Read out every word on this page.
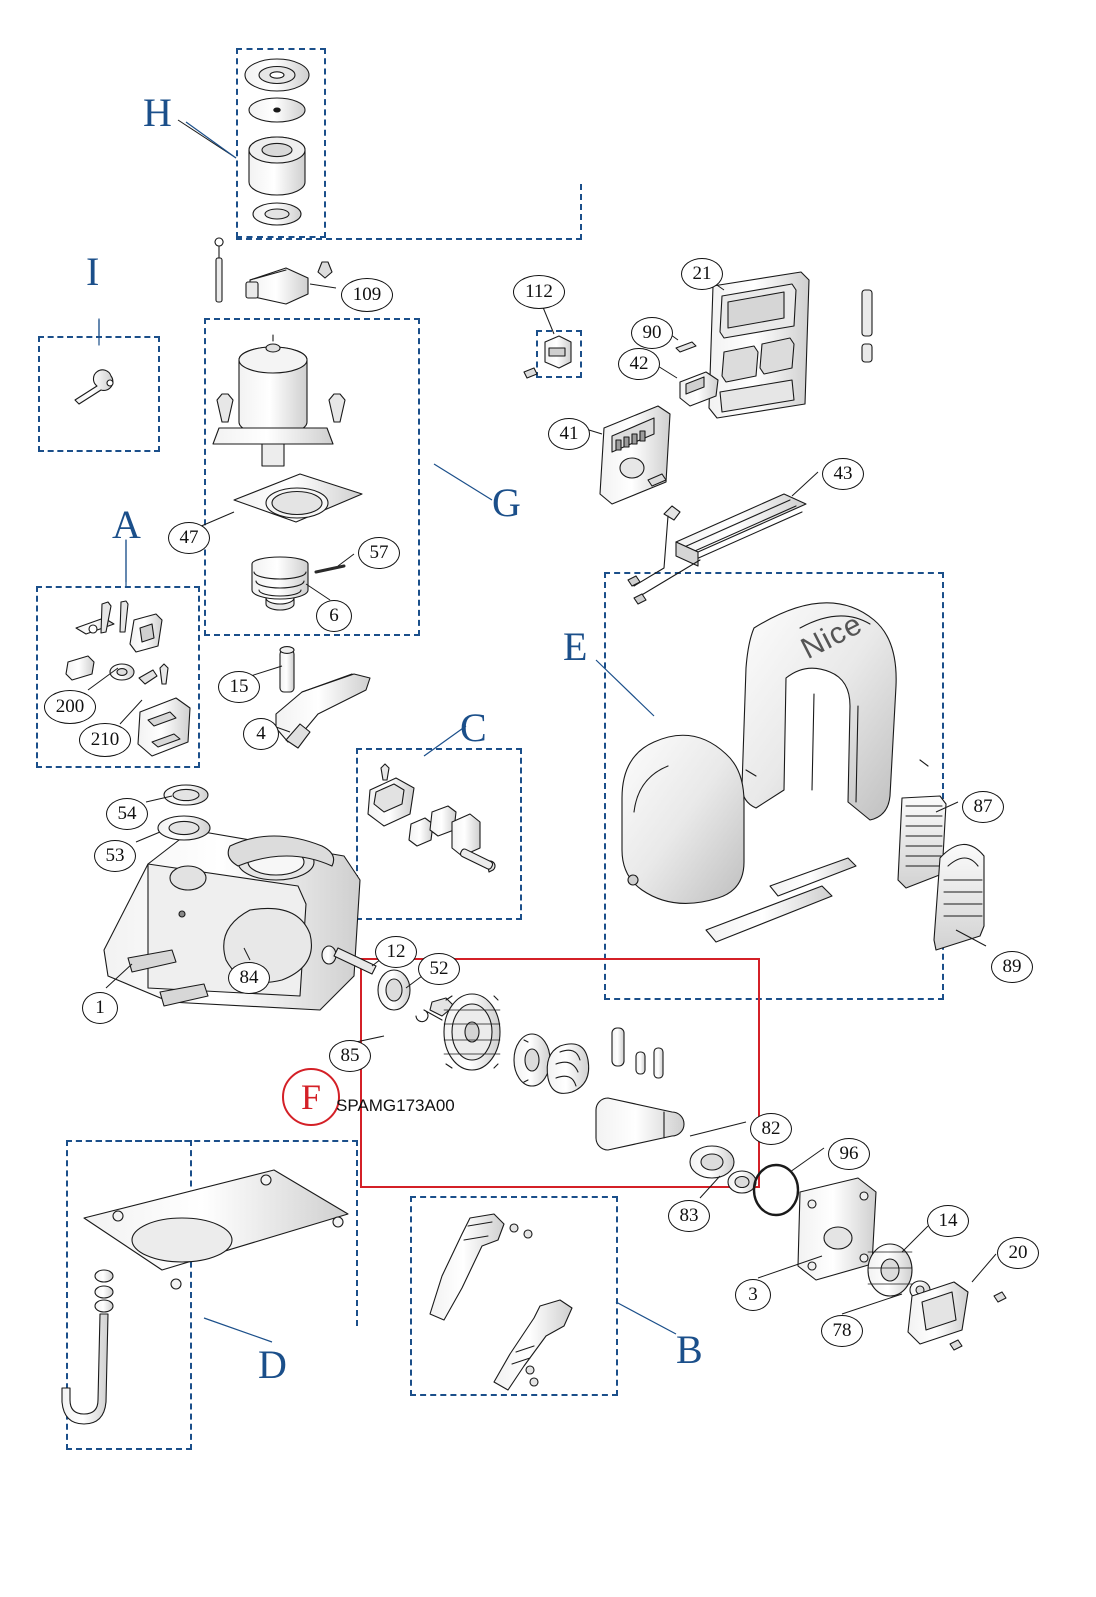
Nice
H
I
A	G
C
E
D	B
F SPAMG173A00
109	112
21
90
42
41
43
47
57
6
200
210
15
4
54
53
87
89
1
84
12
52
85
82
96
83
3
14
20
78
